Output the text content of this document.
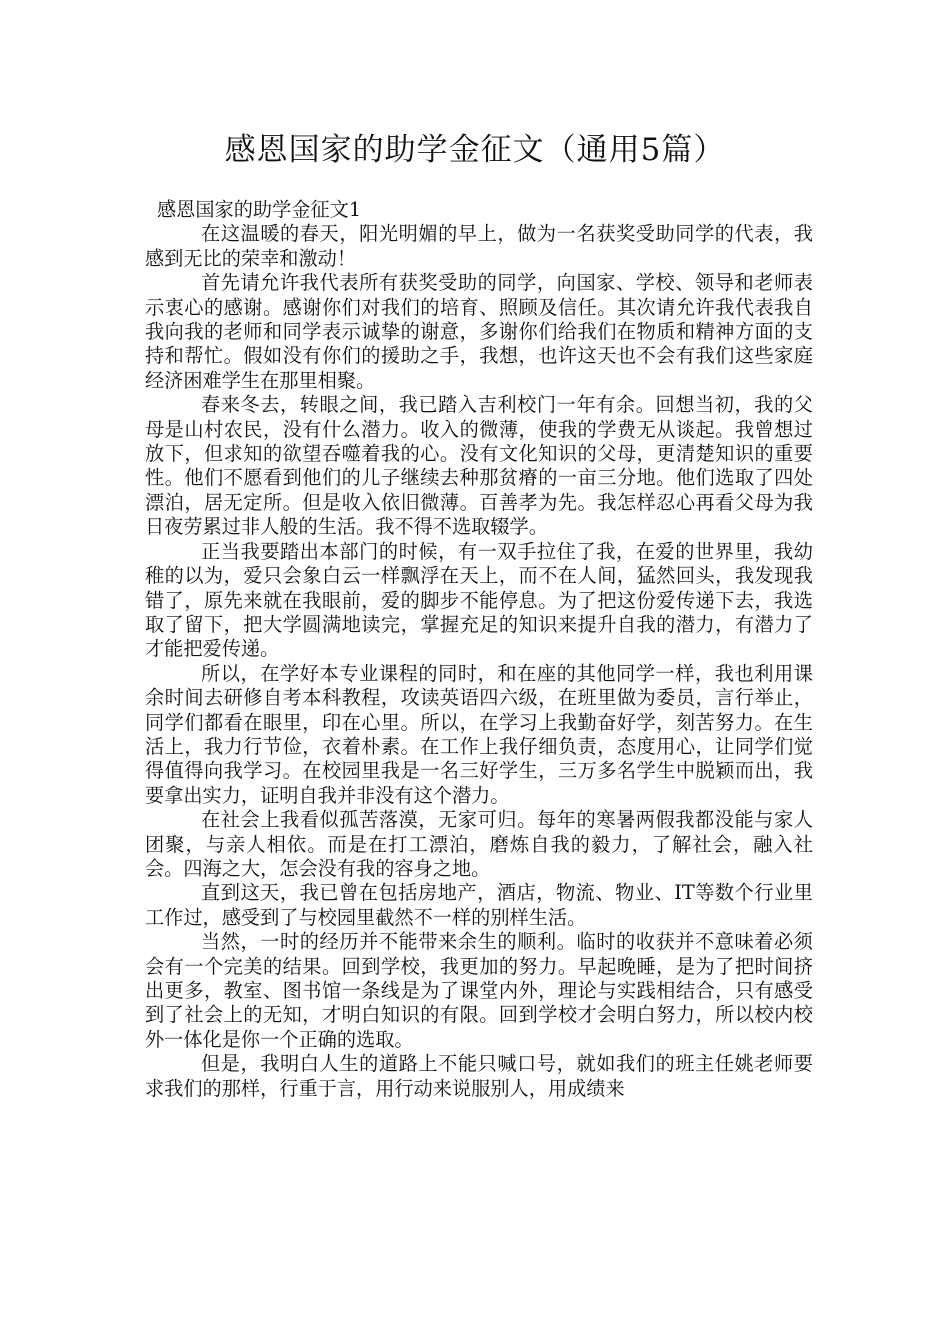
感恩国家的助学金征文（通用5篇）

感恩国家的助学金征文1

在这温暖的春天，阳光明媚的早上，做为一名获奖受助同学的代表，我感到无比的荣幸和激动！

首先请允许我代表所有获奖受助的同学，向国家、学校、领导和老师表示衷心的感谢。感谢你们对我们的培育、照顾及信任。其次请允许我代表我自我向我的老师和同学表示诚挚的谢意，多谢你们给我们在物质和精神方面的支持和帮忙。假如没有你们的援助之手，我想，也许这天也不会有我们这些家庭经济困难学生在那里相聚。

春来冬去，转眼之间，我已踏入吉利校门一年有余。回想当初，我的父母是山村农民，没有什么潜力。收入的微薄，使我的学费无从谈起。我曾想过放下，但求知的欲望吞噬着我的心。没有文化知识的父母，更清楚知识的重要性。他们不愿看到他们的儿子继续去种那贫瘠的一亩三分地。他们选取了四处漂泊，居无定所。但是收入依旧微薄。百善孝为先。我怎样忍心再看父母为我日夜劳累过非人般的生活。我不得不选取辍学。

正当我要踏出本部门的时候，有一双手拉住了我，在爱的世界里，我幼稚的以为，爱只会象白云一样飘浮在天上，而不在人间，猛然回头，我发现我错了，原先来就在我眼前，爱的脚步不能停息。为了把这份爱传递下去，我选取了留下，把大学圆满地读完，掌握充足的知识来提升自我的潜力，有潜力了才能把爱传递。

所以，在学好本专业课程的同时，和在座的其他同学一样，我也利用课余时间去研修自考本科教程，攻读英语四六级，在班里做为委员，言行举止，同学们都看在眼里，印在心里。所以，在学习上我勤奋好学，刻苦努力。在生活上，我力行节俭，衣着朴素。在工作上我仔细负责，态度用心，让同学们觉得值得向我学习。在校园里我是一名三好学生，三万多名学生中脱颖而出，我要拿出实力，证明自我并非没有这个潜力。

在社会上我看似孤苦落漠，无家可归。每年的寒暑两假我都没能与家人团聚，与亲人相依。而是在打工漂泊，磨炼自我的毅力，了解社会，融入社会。四海之大，怎会没有我的容身之地。

直到这天，我已曾在包括房地产，酒店，物流、物业、IT等数个行业里工作过，感受到了与校园里截然不一样的别样生活。

当然，一时的经历并不能带来余生的顺利。临时的收获并不意味着必须会有一个完美的结果。回到学校，我更加的努力。早起晚睡，是为了把时间挤出更多，教室、图书馆一条线是为了课堂内外，理论与实践相结合，只有感受到了社会上的无知，才明白知识的有限。回到学校才会明白努力，所以校内校外一体化是你一个正确的选取。

但是，我明白人生的道路上不能只喊口号，就如我们的班主任姚老师要求我们的那样，行重于言，用行动来说服别人，用成绩来
